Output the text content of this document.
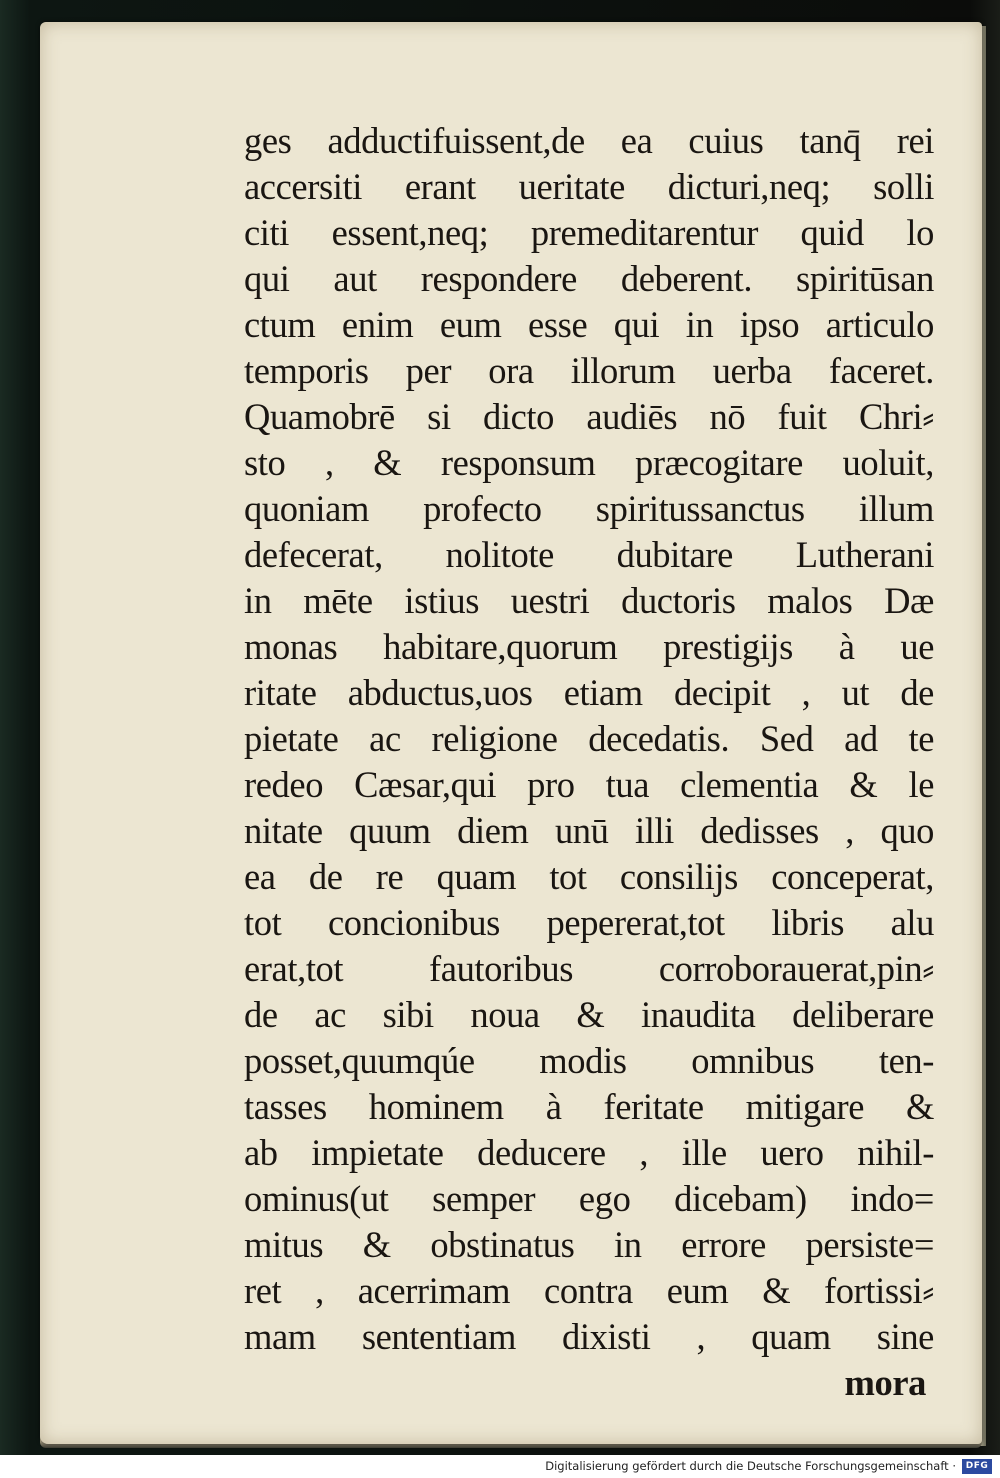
ges adductifuissent,de ea cuius tanq̄ rei
accersiti erant ueritate dicturi,neq; solli
citi essent,neq; premeditarentur quid lo
qui aut respondere deberent. spiritūsan
ctum enim eum esse qui in ipso articulo
temporis per ora illorum uerba faceret.
Quamobrē si dicto audiēs nō fuit Chri⸗
sto , & responsum præcogitare uoluit,
quoniam profecto spiritussanctus illum
defecerat, nolitote dubitare Lutherani
in mēte istius uestri ductoris malos Dæ
monas habitare,quorum prestigijs à ue
ritate abductus,uos etiam decipit , ut de
pietate ac religione decedatis. Sed ad te
redeo Cæsar,qui pro tua clementia & le
nitate quum diem unū illi dedisses , quo
ea de re quam tot consilijs conceperat,
tot concionibus pepererat,tot libris alu
erat,tot fautoribus corroborauerat,pin⸗
de ac sibi noua & inaudita deliberare
posset,quumqúe modis omnibus ten-
tasses hominem à feritate mitigare &
ab impietate deducere , ille uero nihil-
ominus(ut semper ego dicebam) indo=
mitus & obstinatus in errore persiste=
ret , acerrimam contra eum & fortissi⸗
mam sententiam dixisti , quam sine
mora
Digitalisierung gefördert durch die Deutsche Forschungsgemeinschaft ·	DFG
